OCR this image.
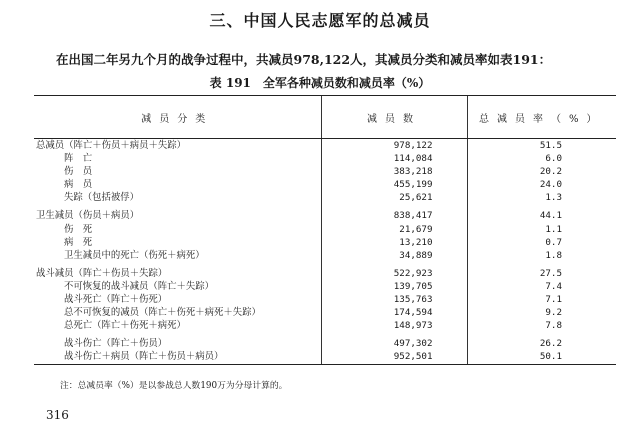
三、中国人民志愿军的总减员
在出国二年另九个月的战争过程中，共减员978,122人，其减员分类和减员率如表191：
表 191　全军各种减员数和减员率（%）
减员分类	减员数	总减员率（%）
总减员（阵亡＋伤员＋病员＋失踪）	978,122	51.5
阵　亡	114,084	6.0
伤　员	383,218	20.2
病　员	455,199	24.0
失踪（包括被俘）	25,621	1.3

卫生减员（伤员＋病员）	838,417	44.1
伤　死	21,679	1.1
病　死	13,210	0.7
卫生减员中的死亡（伤死＋病死）	34,889	1.8

战斗减员（阵亡＋伤员＋失踪）	522,923	27.5
不可恢复的战斗减员（阵亡＋失踪）	139,705	7.4
战斗死亡（阵亡＋伤死）	135,763	7.1
总不可恢复的减员（阵亡＋伤死＋病死＋失踪）	174,594	9.2
总死亡（阵亡＋伤死＋病死）	148,973	7.8

战斗伤亡（阵亡＋伤员）	497,302	26.2
战斗伤亡＋病员（阵亡＋伤员＋病员）	952,501	50.1
注：总减员率（%）是以参战总人数190万为分母计算的。
316
